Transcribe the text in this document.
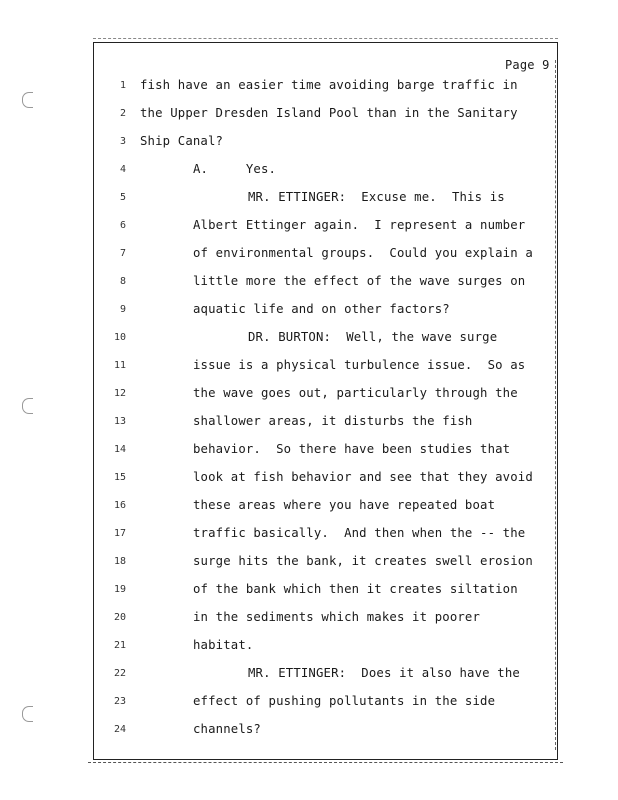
Page 9
1
2
3
4
5
6
7
8
9
10
11
12
13
14
15
16
17
18
19
20
21
22
23
24
fish have an easier time avoiding barge traffic in
the Upper Dresden Island Pool than in the Sanitary
Ship Canal?
A.     Yes.
MR. ETTINGER:  Excuse me.  This is
Albert Ettinger again.  I represent a number
of environmental groups.  Could you explain a
little more the effect of the wave surges on
aquatic life and on other factors?
DR. BURTON:  Well, the wave surge
issue is a physical turbulence issue.  So as
the wave goes out, particularly through the
shallower areas, it disturbs the fish
behavior.  So there have been studies that
look at fish behavior and see that they avoid
these areas where you have repeated boat
traffic basically.  And then when the -- the
surge hits the bank, it creates swell erosion
of the bank which then it creates siltation
in the sediments which makes it poorer
habitat.
MR. ETTINGER:  Does it also have the
effect of pushing pollutants in the side
channels?
